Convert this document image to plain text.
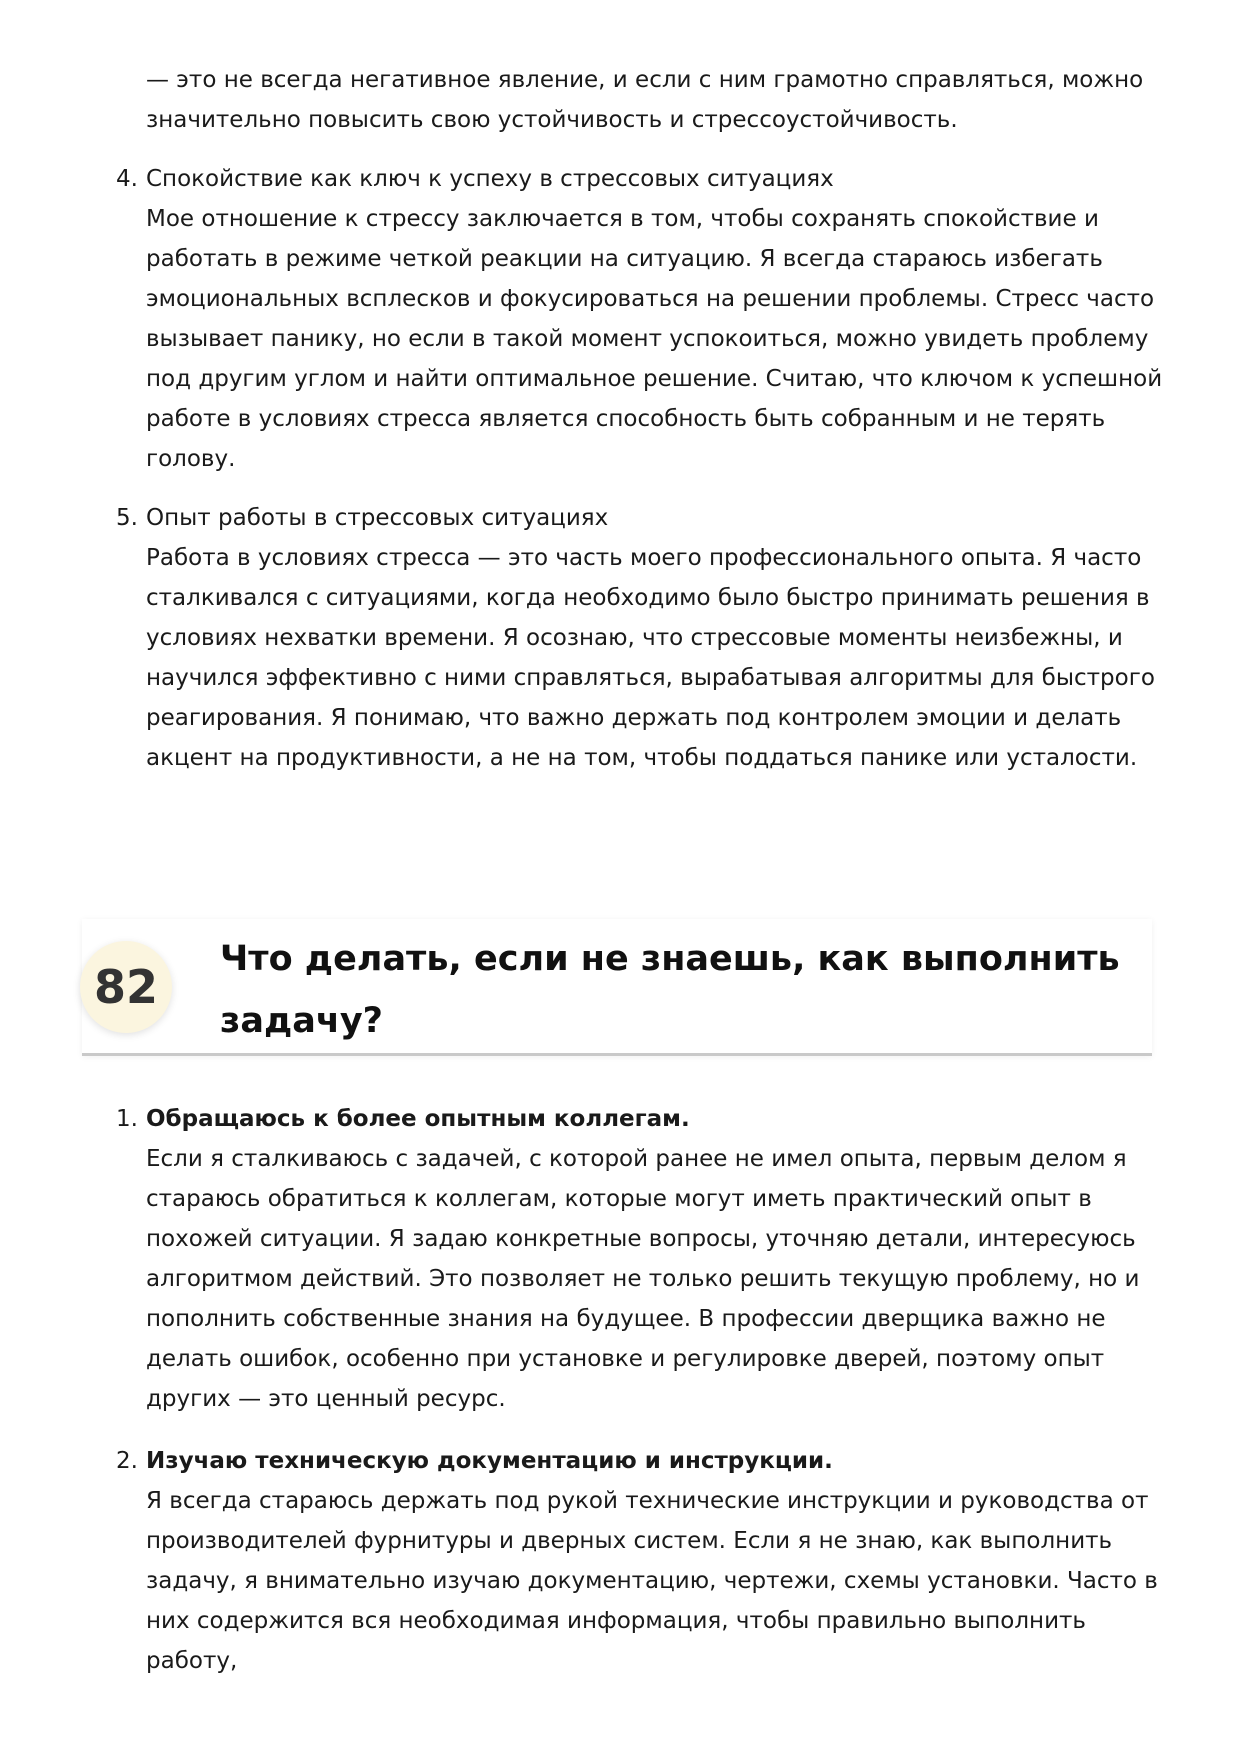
— это не всегда негативное явление, и если с ним грамотно справляться, можно значительно повысить свою устойчивость и стрессоустойчивость.
4. Спокойствие как ключ к успеху в стрессовых ситуациях
Мое отношение к стрессу заключается в том, чтобы сохранять спокойствие и работать в режиме четкой реакции на ситуацию. Я всегда стараюсь избегать эмоциональных всплесков и фокусироваться на решении проблемы. Стресс часто вызывает панику, но если в такой момент успокоиться, можно увидеть проблему под другим углом и найти оптимальное решение. Считаю, что ключом к успешной работе в условиях стресса является способность быть собранным и не терять голову.
5. Опыт работы в стрессовых ситуациях
Работа в условиях стресса — это часть моего профессионального опыта. Я часто сталкивался с ситуациями, когда необходимо было быстро принимать решения в условиях нехватки времени. Я осознаю, что стрессовые моменты неизбежны, и научился эффективно с ними справляться, вырабатывая алгоритмы для быстрого реагирования. Я понимаю, что важно держать под контролем эмоции и делать акцент на продуктивности, а не на том, чтобы поддаться панике или усталости.
82
Что делать, если не знаешь, как выполнить задачу?
1. Обращаюсь к более опытным коллегам.
Если я сталкиваюсь с задачей, с которой ранее не имел опыта, первым делом я стараюсь обратиться к коллегам, которые могут иметь практический опыт в похожей ситуации. Я задаю конкретные вопросы, уточняю детали, интересуюсь алгоритмом действий. Это позволяет не только решить текущую проблему, но и пополнить собственные знания на будущее. В профессии дверщика важно не делать ошибок, особенно при установке и регулировке дверей, поэтому опыт других — это ценный ресурс.
2. Изучаю техническую документацию и инструкции.
Я всегда стараюсь держать под рукой технические инструкции и руководства от производителей фурнитуры и дверных систем. Если я не знаю, как выполнить задачу, я внимательно изучаю документацию, чертежи, схемы установки. Часто в них содержится вся необходимая информация, чтобы правильно выполнить работу,
